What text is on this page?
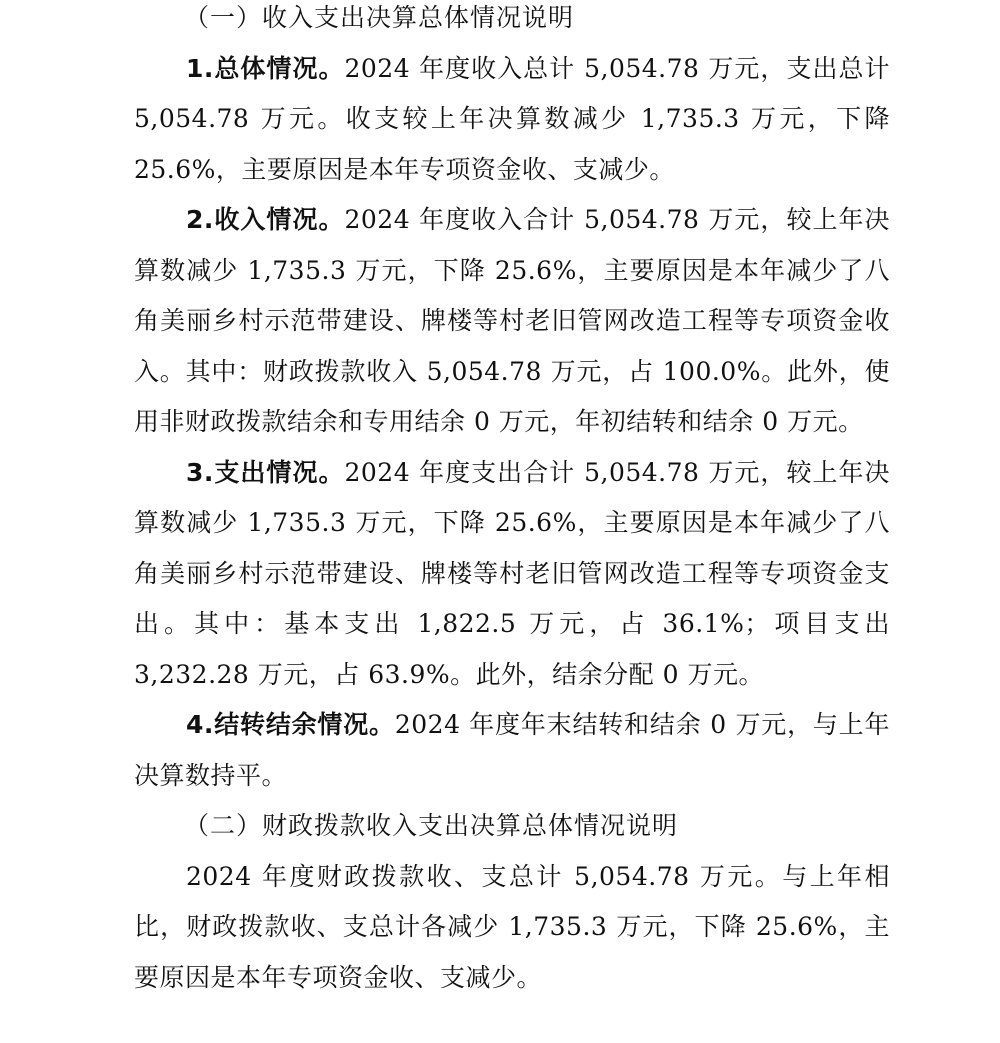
（一）收入支出决算总体情况说明

1.总体情况。2024 年度收入总计 5,054.78 万元，支出总计 5,054.78 万元。收支较上年决算数减少 1,735.3 万元，下降 25.6%，主要原因是本年专项资金收、支减少。

2.收入情况。2024 年度收入合计 5,054.78 万元，较上年决算数减少 1,735.3 万元，下降 25.6%，主要原因是本年减少了八角美丽乡村示范带建设、牌楼等村老旧管网改造工程等专项资金收入。其中：财政拨款收入 5,054.78 万元，占 100.0%。此外，使用非财政拨款结余和专用结余 0 万元，年初结转和结余 0 万元。

3.支出情况。2024 年度支出合计 5,054.78 万元，较上年决算数减少 1,735.3 万元，下降 25.6%，主要原因是本年减少了八角美丽乡村示范带建设、牌楼等村老旧管网改造工程等专项资金支出。其中：基本支出 1,822.5 万元，占 36.1%；项目支出 3,232.28 万元，占 63.9%。此外，结余分配 0 万元。

4.结转结余情况。2024 年度年末结转和结余 0 万元，与上年决算数持平。

（二）财政拨款收入支出决算总体情况说明

2024 年度财政拨款收、支总计 5,054.78 万元。与上年相比，财政拨款收、支总计各减少 1,735.3 万元，下降 25.6%，主要原因是本年专项资金收、支减少。
